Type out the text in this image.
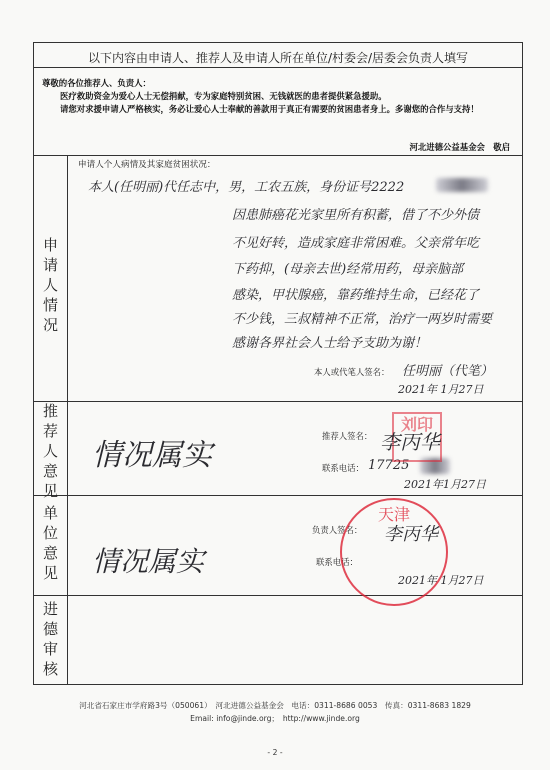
以下内容由申请人、推荐人及申请人所在单位/村委会/居委会负责人填写

尊敬的各位推荐人、负责人：

医疗救助资金为爱心人士无偿捐献，专为家庭特别贫困、无钱就医的患者提供紧急援助。

请您对求援申请人严格核实，务必让爱心人士奉献的善款用于真正有需要的贫困患者身上。多谢您的合作与支持！

河北进德公益基金会　敬启
申
请
人
情
况
推
荐
人
意
见
单
位
意
见
进
德
审
核
申请人个人病情及其家庭贫困状况：
本人(任明丽)代任志中，男，工农五族，身份证号2222
因患肺癌花光家里所有积蓄，借了不少外债
不见好转，造成家庭非常困难。父亲常年吃
下药抑，(母亲去世)经常用药，母亲脑部
感染，甲状腺癌，靠药维持生命，已经花了
不少钱，三叔精神不正常，治疗一两岁时需要
感谢各界社会人士给予支助为谢！
本人或代笔人签名： 任明丽（代笔）
2021年 1月27日
情况属实
推荐人签名：
联系电话： 17725
2021年1月27日
刘印
李丙华
情况属实
负责人签名：
联系电话：
2021年 1月27日
天津
李丙华
河北省石家庄市学府路3号（050061）　河北进德公益基金会　电话：0311-8686 0053　传真：0311-8683 1829
Email: info@jinde.org；　http://www.jinde.org
- 2 -
